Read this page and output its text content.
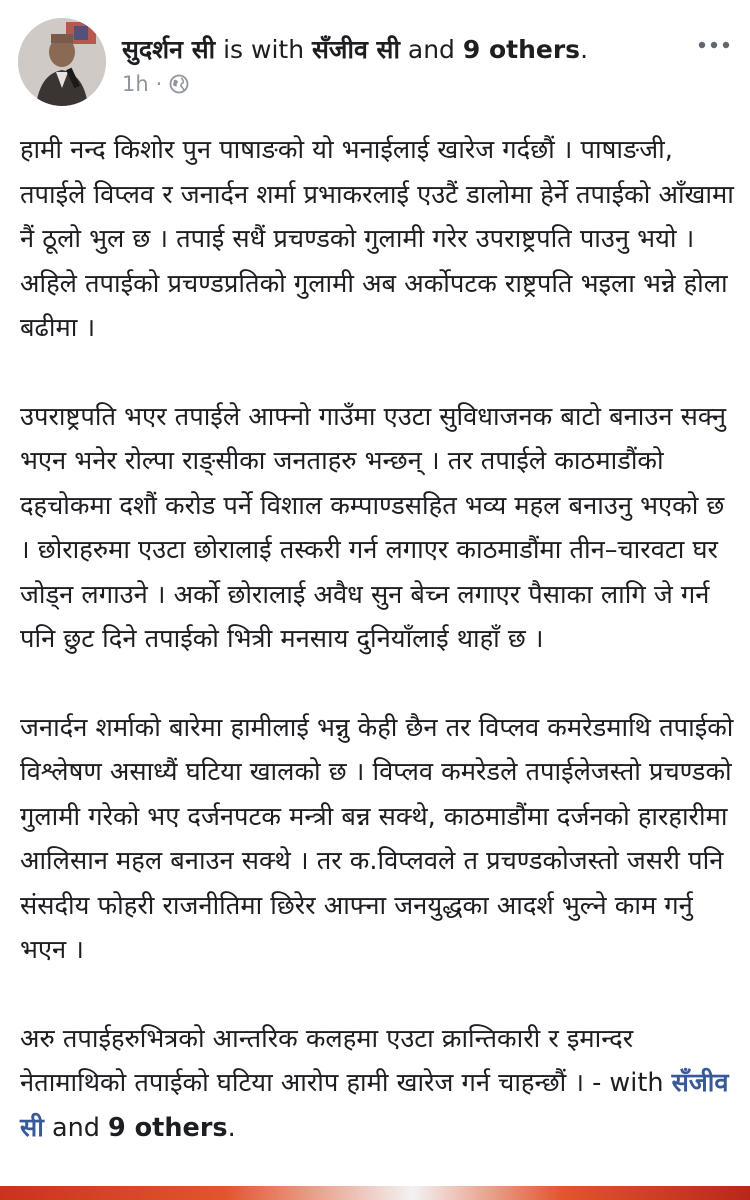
सुदर्शन सी is with सँजीव सी and 9 others.
1h ·

हामी नन्द किशोर पुन पाषाङको यो भनाईलाई खारेज गर्दछौं । पाषाङजी, तपाईले विप्लव र जनार्दन शर्मा प्रभाकरलाई एउटैं डालोमा हेर्ने तपाईको आँखामा नैं ठूलो भुल छ । तपाई सधैं प्रचण्डको गुलामी गरेर उपराष्ट्रपति पाउनु भयो । अहिले तपाईको प्रचण्डप्रतिको गुलामी अब अर्कोपटक राष्ट्रपति भइला भन्ने होला बढीमा ।

उपराष्ट्रपति भएर तपाईले आफ्नो गाउँमा एउटा सुविधाजनक बाटो बनाउन सक्नु भएन भनेर रोल्पा राङ्सीका जनताहरु भन्छन् । तर तपाईले काठमाडौंको दहचोकमा दशौं करोड पर्ने विशाल कम्पाण्डसहित भव्य महल बनाउनु भएको छ । छोराहरुमा एउटा छोरालाई तस्करी गर्न लगाएर काठमाडौंमा तीन–चारवटा घर जोड्न लगाउने । अर्को छोरालाई अवैध सुन बेच्न लगाएर पैसाका लागि जे गर्न पनि छुट दिने तपाईको भित्री मनसाय दुनियाँलाई थाहाँ छ ।

जनार्दन शर्माको बारेमा हामीलाई भन्नु केही छैन तर विप्लव कमरेडमाथि तपाईको विश्लेषण असाध्यैं घटिया खालको छ । विप्लव कमरेडले तपाईलेजस्तो प्रचण्डको गुलामी गरेको भए दर्जनपटक मन्त्री बन्न सक्थे, काठमाडौंमा दर्जनको हारहारीमा आलिसान महल बनाउन सक्थे । तर क.विप्लवले त प्रचण्डकोजस्तो जसरी पनि संसदीय फोहरी राजनीतिमा छिरेर आफ्ना जनयुद्धका आदर्श भुल्ने काम गर्नु भएन ।

अरु तपाईहरुभित्रको आन्तरिक कलहमा एउटा क्रान्तिकारी र इमान्दर नेतामाथिको तपाईको घटिया आरोप हामी खारेज गर्न चाहन्छौं । - with सँजीव सी and 9 others.
